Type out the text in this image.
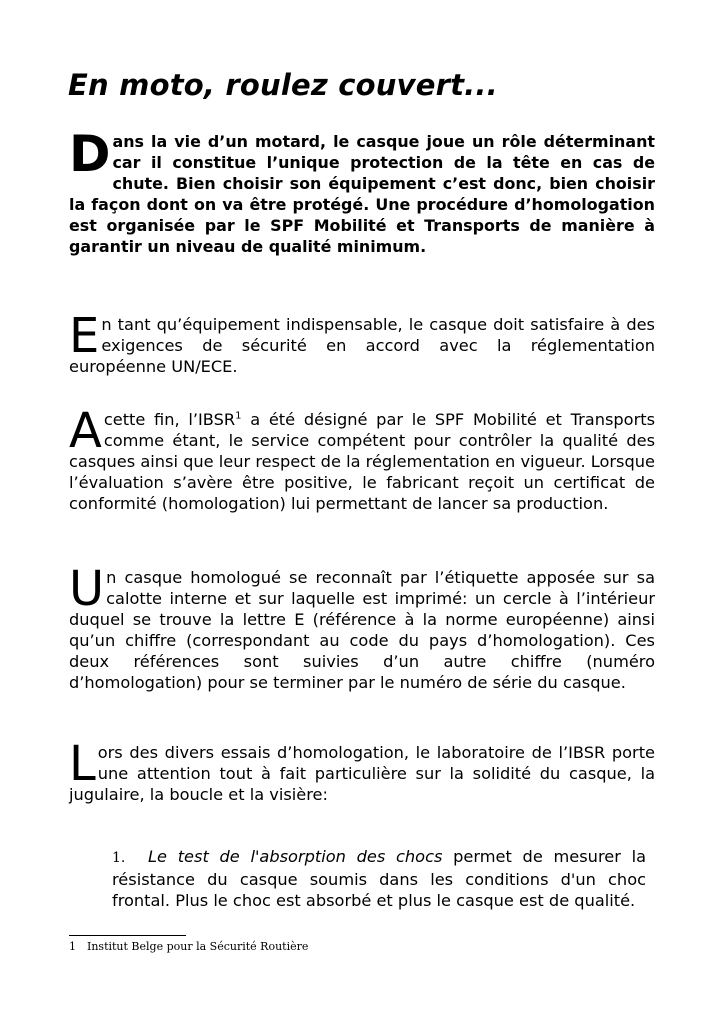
En moto, roulez couvert...

Dans la vie d’un motard, le casque joue un rôle déterminant car il constitue l’unique protection de la tête en cas de chute. Bien choisir son équipement c’est donc, bien choisir la façon dont on va être protégé. Une procédure d’homologation est organisée par le SPF Mobilité et Transports de manière à garantir un niveau de qualité minimum.

En tant qu’équipement indispensable, le casque doit satisfaire à des exigences de sécurité en accord avec la réglementation européenne UN/ECE.

A cette fin, l’IBSR$^1$ a été désigné par le SPF Mobilité et Transports comme étant, le service compétent pour contrôler la qualité des casques ainsi que leur respect de la réglementation en vigueur. Lorsque l’évaluation s’avère être positive, le fabricant reçoit un certificat de conformité (homologation) lui permettant de lancer sa production.

Un casque homologué se reconnaît par l’étiquette apposée sur sa calotte interne et sur laquelle est imprimé: un cercle à l’intérieur duquel se trouve la lettre E (référence à la norme européenne) ainsi qu’un chiffre (correspondant au code du pays d’homologation). Ces deux références sont suivies d’un autre chiffre (numéro d’homologation) pour se terminer par le numéro de série du casque.

Lors des divers essais d’homologation, le laboratoire de l’IBSR porte une attention tout à fait particulière sur la solidité du casque, la jugulaire, la boucle et la visière:

1. Le test de l'absorption des chocs permet de mesurer la résistance du casque soumis dans les conditions d'un choc frontal. Plus le choc est absorbé et plus le casque est de qualité.

1 Institut Belge pour la Sécurité Routière
